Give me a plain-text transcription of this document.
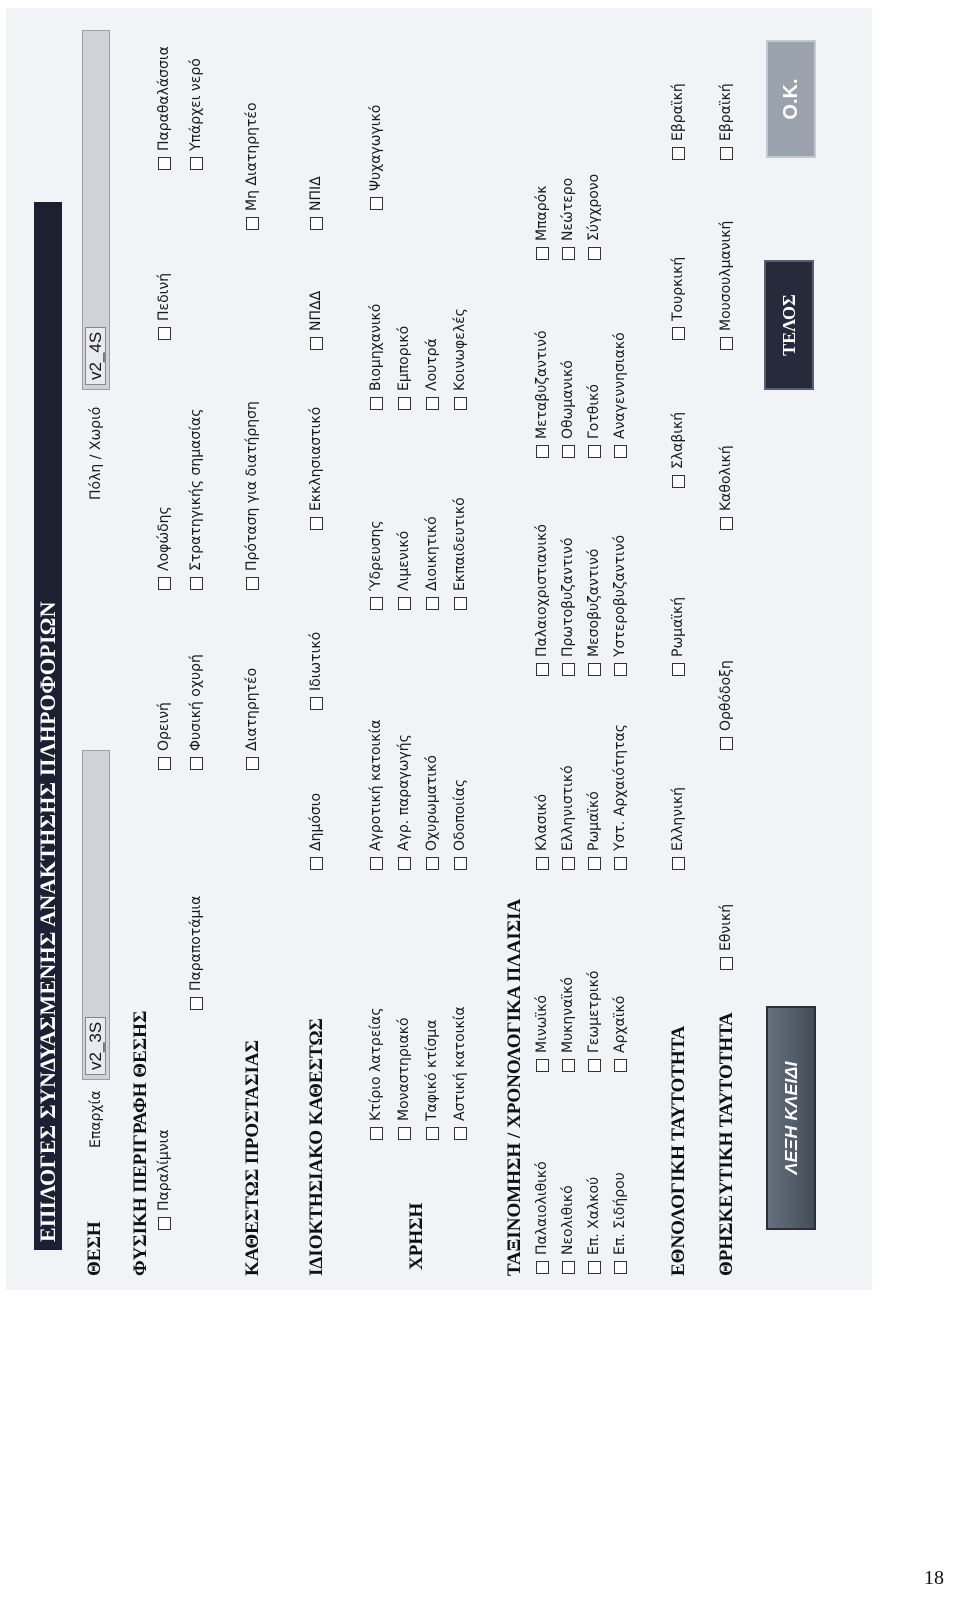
ΕΠΙΛΟΓΕΣ ΣΥΝΔΥΑΣΜΕΝΗΣ ΑΝΑΚΤΗΣΗΣ ΠΛΗΡΟΦΟΡΙΩΝ
ΘΕΣΗ
Επαρχία
v2_3S
Πόλη / Χωριό
v2_4S
ΦΥΣΙΚΗ ΠΕΡΙΓΡΑΦΗ ΘΕΣΗΣ Παραλίμνια
Ορεινή
Λοφώδης
Πεδινή
Παραθαλάσσια
Παραποτάμια
Φυσική οχυρή
Στρατηγικής σημασίας
Υπάρχει νερό
ΚΑΘΕΣΤΩΣ ΠΡΟΣΤΑΣΙΑΣ
Διατηρητέο
Πρόταση για διατήρηση
Μη Διατηρητέο
ΙΔΙΟΚΤΗΣΙΑΚΟ ΚΑΘΕΣΤΩΣ
Δημόσιο
Ιδιωτικό
Εκκλησιαστικό
ΝΠΔΔ
ΝΠΙΔ
ΧΡΗΣΗ
Κτίριο λατρείας Μοναστηριακό Ταφικό κτίσμα Αστική κατοικία
Αγροτική κατοικία Αγρ. παραγωγής Οχυρωματικό Οδοποιίας
Ύδρευσης Λιμενικό Διοικητικό Εκπαιδευτικό
Βιομηχανικό Εμπορικό Λουτρά Κοινωφελές
Ψυχαγωγικό
ΤΑΞΙΝΟΜΗΣΗ / ΧΡΟΝΟΛΟΓΙΚΑ ΠΛΑΙΣΙΑ Παλαιολιθικό Νεολιθικό Επ. Χαλκού Επ. Σιδήρου
Μινωϊκό Μυκηναϊκό Γεωμετρικό Αρχαϊκό
Κλασικό Ελληνιστικό Ρωμαϊκό Υστ. Αρχαιότητας
Παλαιοχριστιανικό Πρωτοβυζαντινό Μεσοβυζαντινό Υστεροβυζαντινό
Μεταβυζαντινό Οθωμανικό Γοτθικό Αναγεννησιακό
Μπαρόκ Νεώτερο Σύγχρονο
ΕΘΝΟΛΟΓΙΚΗ ΤΑΥΤΟΤΗΤΑ
Ελληνική
Ρωμαϊκή
Σλαβική
Τουρκική
Εβραϊκή
ΘΡΗΣΚΕΥΤΙΚΗ ΤΑΥΤΟΤΗΤΑ
Εθνική
Ορθόδοξη
Καθολική
Μουσουλμανική
Εβραϊκή
ΛΕΞΗ ΚΛΕΙΔΙ
ΤΕΛΟΣ
O.K.
18
